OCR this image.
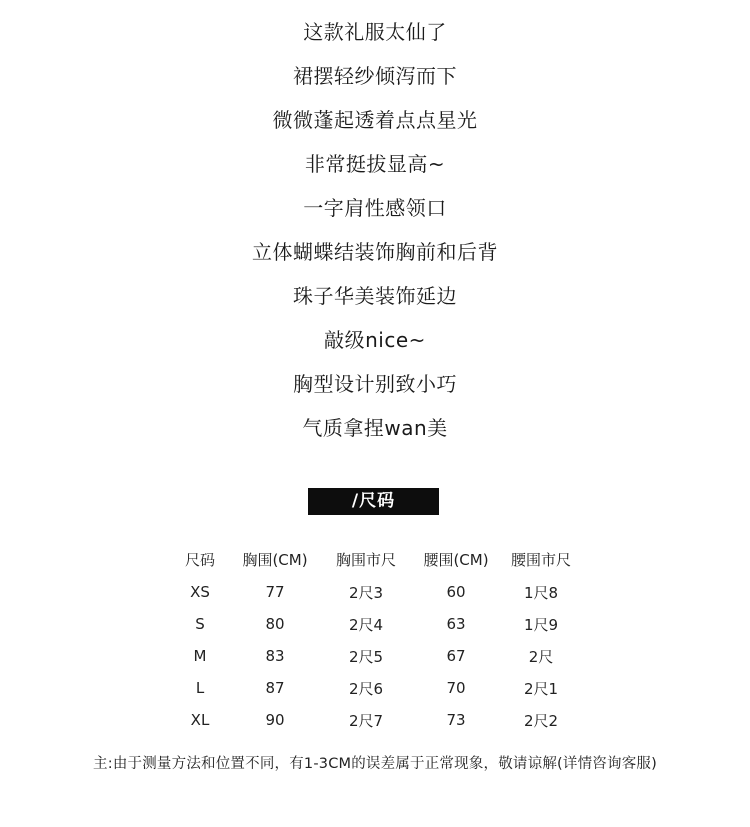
这款礼服太仙了
裙摆轻纱倾泻而下
微微蓬起透着点点星光
非常挺拔显高~
一字肩性感领口
立体蝴蝶结装饰胸前和后背
珠子华美装饰延边
敲级nice~
胸型设计别致小巧
气质拿捏wan美
/尺码
尺码	胸围(CM)	胸围市尺	腰围(CM)	腰围市尺
XS	77	2尺3	60	1尺8
S	80	2尺4	63	1尺9
M	83	2尺5	67	2尺
L	87	2尺6	70	2尺1
XL	90	2尺7	73	2尺2
主:由于测量方法和位置不同，有1-3CM的误差属于正常现象，敬请谅解(详情咨询客服)
